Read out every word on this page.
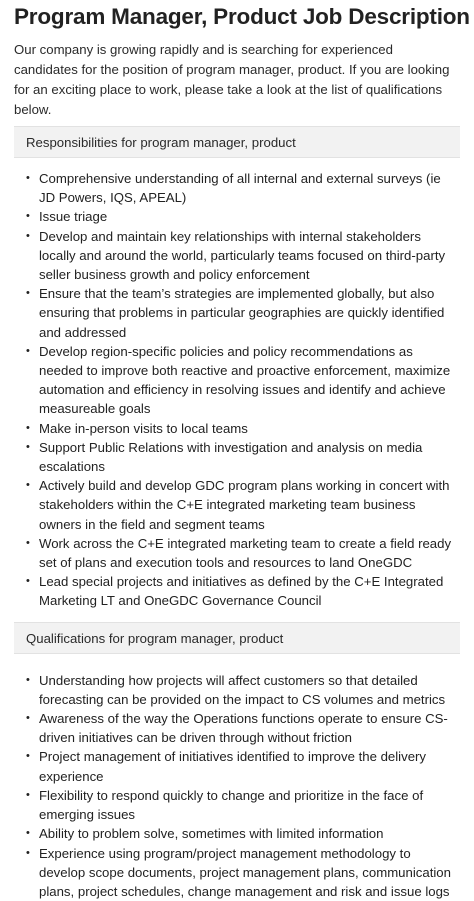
Program Manager, Product Job Description

Our company is growing rapidly and is searching for experienced candidates for the position of program manager, product. If you are looking for an exciting place to work, please take a look at the list of qualifications below.

Responsibilities for program manager, product
• Comprehensive understanding of all internal and external surveys (ie JD Powers, IQS, APEAL)
• Issue triage
• Develop and maintain key relationships with internal stakeholders locally and around the world, particularly teams focused on third-party seller business growth and policy enforcement
• Ensure that the team’s strategies are implemented globally, but also ensuring that problems in particular geographies are quickly identified and addressed
• Develop region-specific policies and policy recommendations as needed to improve both reactive and proactive enforcement, maximize automation and efficiency in resolving issues and identify and achieve measureable goals
• Make in-person visits to local teams
• Support Public Relations with investigation and analysis on media escalations
• Actively build and develop GDC program plans working in concert with stakeholders within the C+E integrated marketing team business owners in the field and segment teams
• Work across the C+E integrated marketing team to create a field ready set of plans and execution tools and resources to land OneGDC
• Lead special projects and initiatives as defined by the C+E Integrated Marketing LT and OneGDC Governance Council
Qualifications for program manager, product
• Understanding how projects will affect customers so that detailed forecasting can be provided on the impact to CS volumes and metrics
• Awareness of the way the Operations functions operate to ensure CS-driven initiatives can be driven through without friction
• Project management of initiatives identified to improve the delivery experience
• Flexibility to respond quickly to change and prioritize in the face of emerging issues
• Ability to problem solve, sometimes with limited information
• Experience using program/project management methodology to develop scope documents, project management plans, communication plans, project schedules, change management and risk and issue logs
